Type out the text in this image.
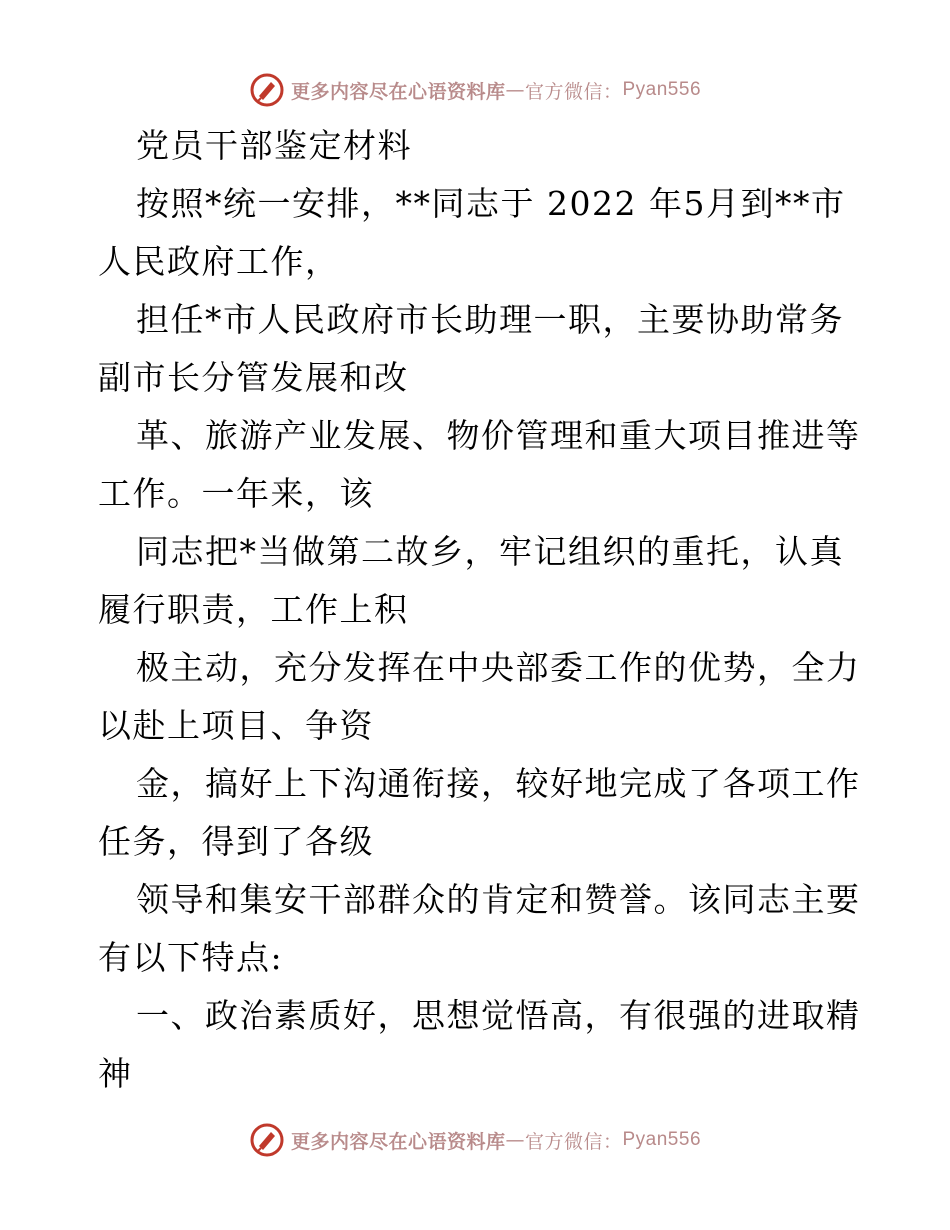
更多内容尽在心语资料库 — 官方微信： Pyan556
党员干部鉴定材料
按照*统一安排，**同志于 2022 年5月到**市
人民政府工作，
担任*市人民政府市长助理一职，主要协助常务
副市长分管发展和改
革、旅游产业发展、物价管理和重大项目推进等
工作。一年来，该
同志把*当做第二故乡，牢记组织的重托，认真
履行职责，工作上积
极主动，充分发挥在中央部委工作的优势，全力
以赴上项目、争资
金，搞好上下沟通衔接，较好地完成了各项工作
任务，得到了各级
领导和集安干部群众的肯定和赞誉。该同志主要
有以下特点:
一、政治素质好，思想觉悟高，有很强的进取精
神
更多内容尽在心语资料库 — 官方微信： Pyan556
